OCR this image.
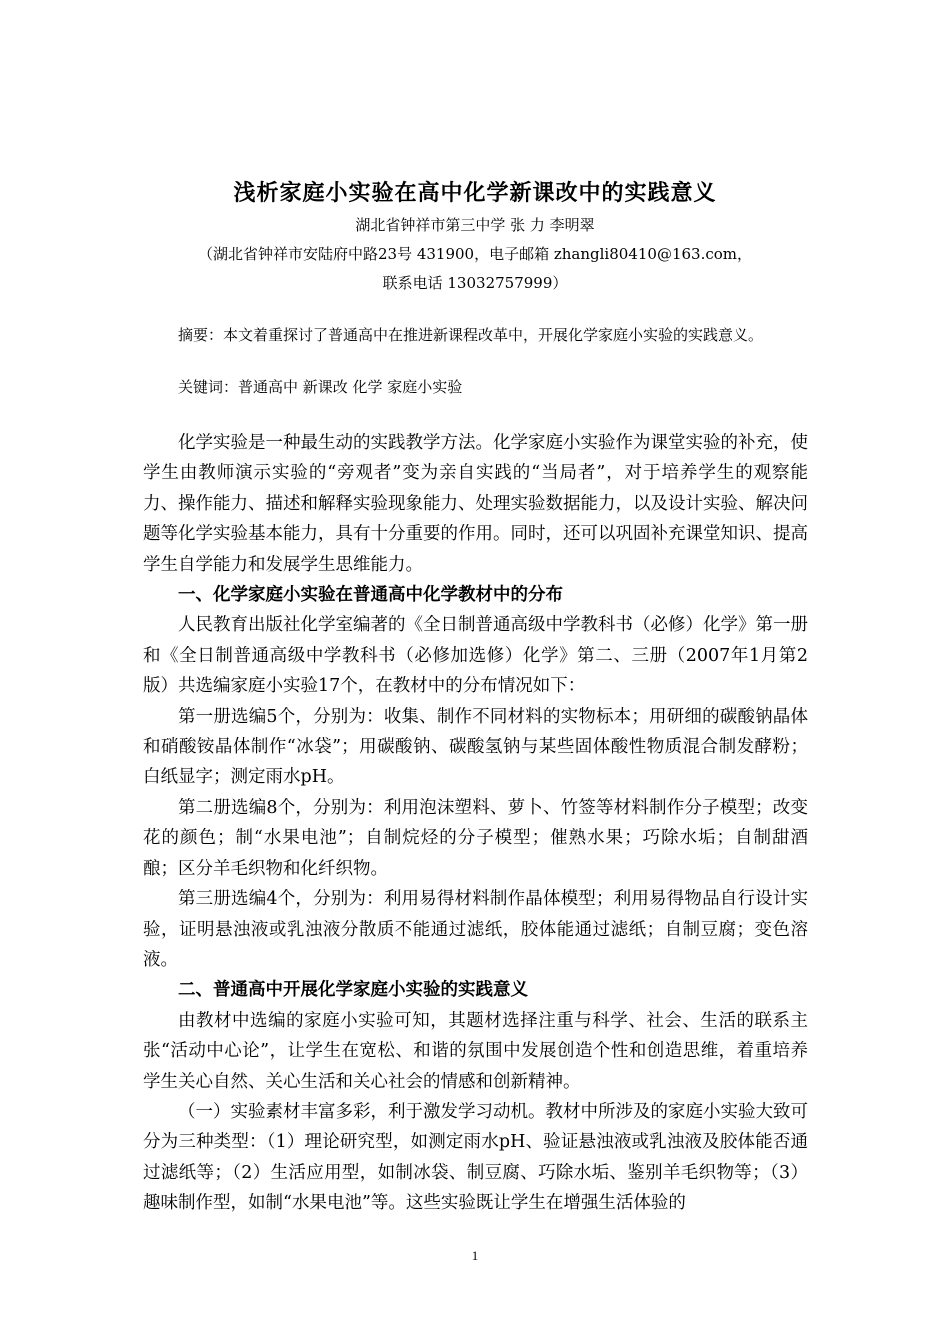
浅析家庭小实验在高中化学新课改中的实践意义
湖北省钟祥市第三中学 张 力 李明翠
（湖北省钟祥市安陆府中路23号 431900，电子邮箱 zhangli80410@163.com，
联系电话 13032757999）
摘要：本文着重探讨了普通高中在推进新课程改革中，开展化学家庭小实验的实践意义。
关键词：普通高中 新课改 化学 家庭小实验

化学实验是一种最生动的实践教学方法。化学家庭小实验作为课堂实验的补充，使学生由教师演示实验的“旁观者”变为亲自实践的“当局者”，对于培养学生的观察能力、操作能力、描述和解释实验现象能力、处理实验数据能力，以及设计实验、解决问题等化学实验基本能力，具有十分重要的作用。同时，还可以巩固补充课堂知识、提高学生自学能力和发展学生思维能力。

一、化学家庭小实验在普通高中化学教材中的分布

人民教育出版社化学室编著的《全日制普通高级中学教科书（必修）化学》第一册和《全日制普通高级中学教科书（必修加选修）化学》第二、三册（2007年1月第2版）共选编家庭小实验17个，在教材中的分布情况如下：

第一册选编5个，分别为：收集、制作不同材料的实物标本；用研细的碳酸钠晶体和硝酸铵晶体制作“冰袋”；用碳酸钠、碳酸氢钠与某些固体酸性物质混合制发酵粉；白纸显字；测定雨水pH。

第二册选编8个，分别为：利用泡沫塑料、萝卜、竹签等材料制作分子模型；改变花的颜色；制“水果电池”；自制烷烃的分子模型；催熟水果；巧除水垢；自制甜酒酿；区分羊毛织物和化纤织物。

第三册选编4个，分别为：利用易得材料制作晶体模型；利用易得物品自行设计实验，证明悬浊液或乳浊液分散质不能通过滤纸，胶体能通过滤纸；自制豆腐；变色溶液。

二、普通高中开展化学家庭小实验的实践意义

由教材中选编的家庭小实验可知，其题材选择注重与科学、社会、生活的联系主张“活动中心论”，让学生在宽松、和谐的氛围中发展创造个性和创造思维，着重培养学生关心自然、关心生活和关心社会的情感和创新精神。

（一）实验素材丰富多彩，利于激发学习动机。教材中所涉及的家庭小实验大致可分为三种类型：（1）理论研究型，如测定雨水pH、验证悬浊液或乳浊液及胶体能否通过滤纸等；（2）生活应用型，如制冰袋、制豆腐、巧除水垢、鉴别羊毛织物等；（3）趣味制作型，如制“水果电池”等。这些实验既让学生在增强生活体验的

1
